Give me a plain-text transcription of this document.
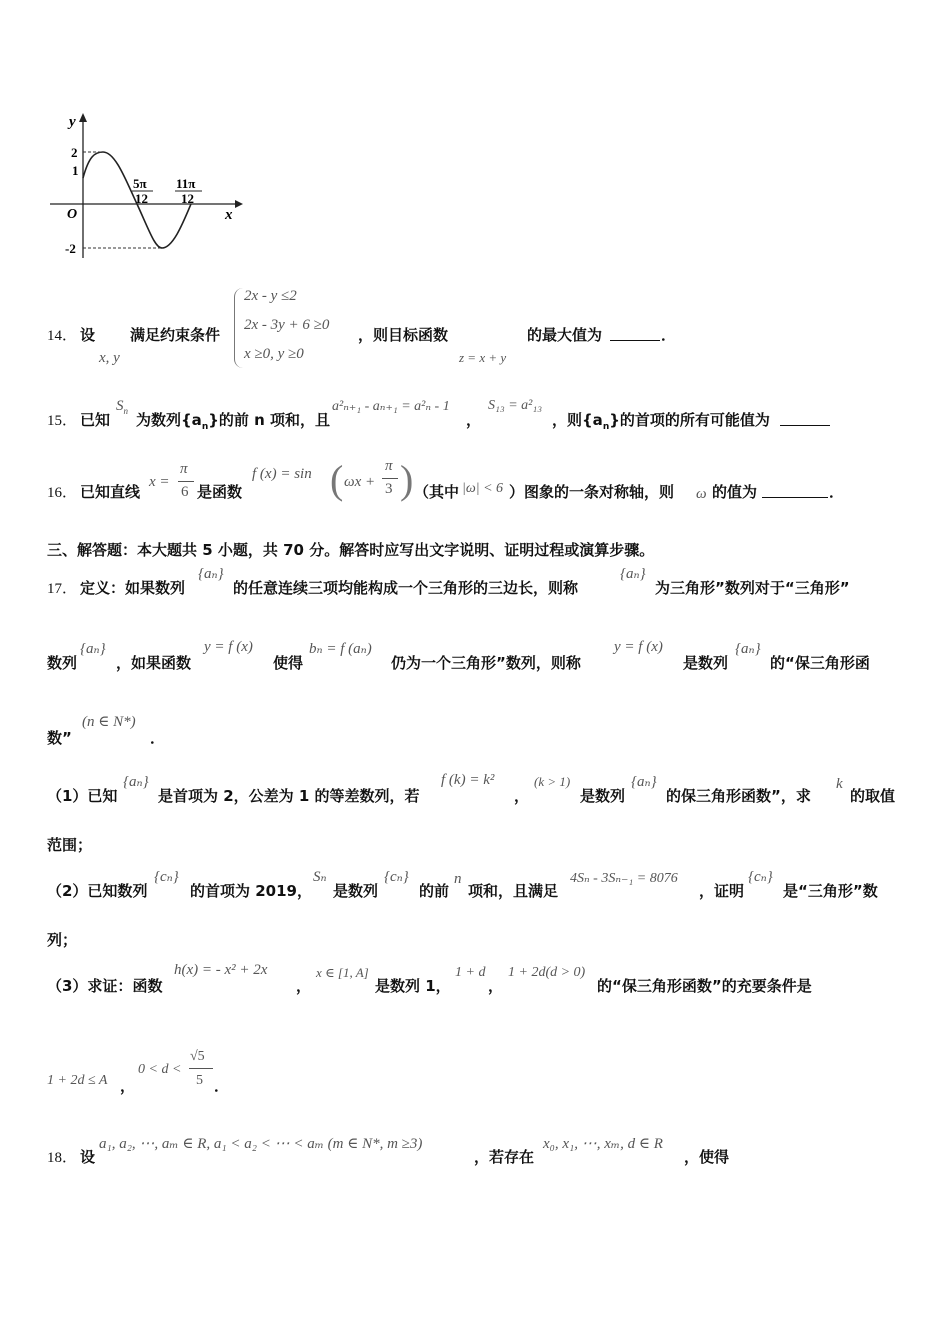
y
x
O
2
1
-2
5π
12
11π
12
14． 设
x, y
满足约束条件
2x - y ≤2
2x - 3y + 6 ≥0
x ≥0, y ≥0
，则目标函数
z = x + y
的最大值为	．
15． 已知
$S_n$ 为数列$\{a_n\}$的前 n 项和，且
a²ₙ₊₁ - aₙ₊₁ = a²ₙ - 1
，
S₁₃ = a²₁₃
，则$\{a_n\}$的首项的所有可能值为
16． 已知直线
x =
π
6 是函数
f (x) = sin ( ωx +
π
3 ) （其中 |ω| < 6 ）图象的一条对称轴，则 ω 的值为	．
三、解答题：本大题共 5 小题，共 70 分。解答时应写出文字说明、证明过程或演算步骤。
17． 定义：如果数列
{aₙ}
的任意连续三项均能构成一个三角形的三边长，则称
{aₙ}
为三角形”数列对于“三角形”
数列
{aₙ}
，如果函数
y = f (x)
使得
bₙ = f (aₙ)
仍为一个三角形”数列，则称
y = f (x)
是数列
{aₙ}
的“保三角形函
数”
(n ∈ N*)
．
（1）已知
{aₙ}
是首项为 2，公差为 1 的等差数列，若
f (k) = k²
，
(k > 1)
是数列
{aₙ}
的保三角形函数”，求
k
的取值
范围；
（2）已知数列
{cₙ}
的首项为 2019，
Sₙ
是数列
{cₙ}
的前
n
项和，且满足
4Sₙ - 3Sₙ₋₁ = 8076
，证明
{cₙ}
是“三角形”数
列；
（3）求证：函数
h(x) = - x² + 2x
，
x ∈ [1, A]
是数列 1，
1 + d
，
1 + 2d(d > 0)
的“保三角形函数”的充要条件是
1 + 2d ≤ A ，
0 < d <
√5
5 ．
18． 设
a₁, a₂, ⋯, aₘ ∈ R, a₁ < a₂ < ⋯ < aₘ (m ∈ N*, m ≥3)
，若存在
x₀, x₁, ⋯, xₘ, d ∈ R
，使得
